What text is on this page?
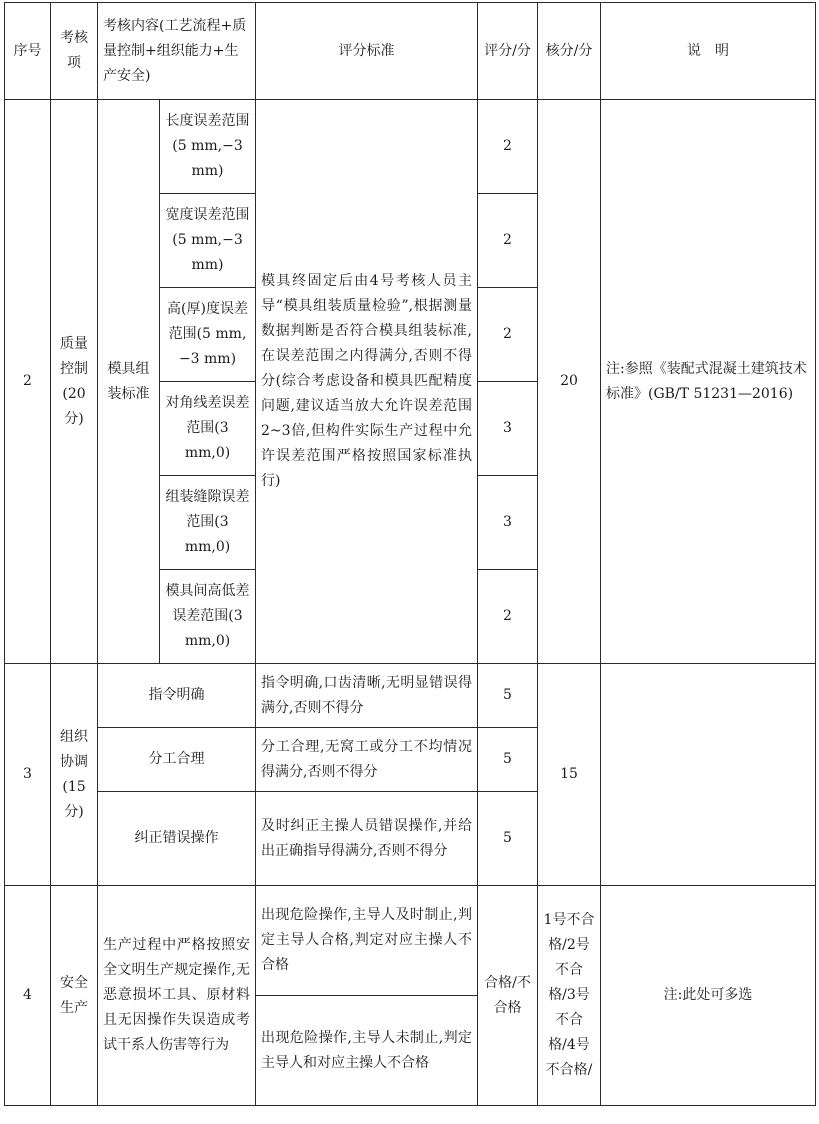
序号	考核项	考核内容(工艺流程+质量控制+组织能力+生产安全)		评分标准	评分/分	核分/分	说　明
2	质量控制(20分)	模具组装标准	长度误差范围(5 mm,−3 mm)	模具终固定后由4号考核人员主导“模具组装质量检验”,根据测量数据判断是否符合模具组装标准,在误差范围之内得满分,否则不得分(综合考虑设备和模具匹配精度问题,建议适当放大允许误差范围2~3倍,但构件实际生产过程中允许误差范围严格按照国家标准执行)	2	20	注:参照《装配式混凝土建筑技术标准》(GB/T 51231—2016)
			宽度误差范围(5 mm,−3 mm)		2		
			高(厚)度误差范围(5 mm,−3 mm)		2		
			对角线差误差范围(3 mm,0)		3		
			组装缝隙误差范围(3 mm,0)		3		
			模具间高低差误差范围(3 mm,0)		2		
3	组织协调(15分)	指令明确		指令明确,口齿清晰,无明显错误得满分,否则不得分	5	15	
		分工合理		分工合理,无窝工或分工不均情况得满分,否则不得分	5		
		纠正错误操作		及时纠正主操人员错误操作,并给出正确指导得满分,否则不得分	5		
4	安全生产	生产过程中严格按照安全文明生产规定操作,无恶意损坏工具、原材料且无因操作失误造成考试干系人伤害等行为		出现危险操作,主导人及时制止,判定主导人合格,判定对应主操人不合格	合格/不合格	1号不合格/2号不合格/3号不合格/4号不合格/	注:此处可多选
				出现危险操作,主导人未制止,判定主导人和对应主操人不合格			
